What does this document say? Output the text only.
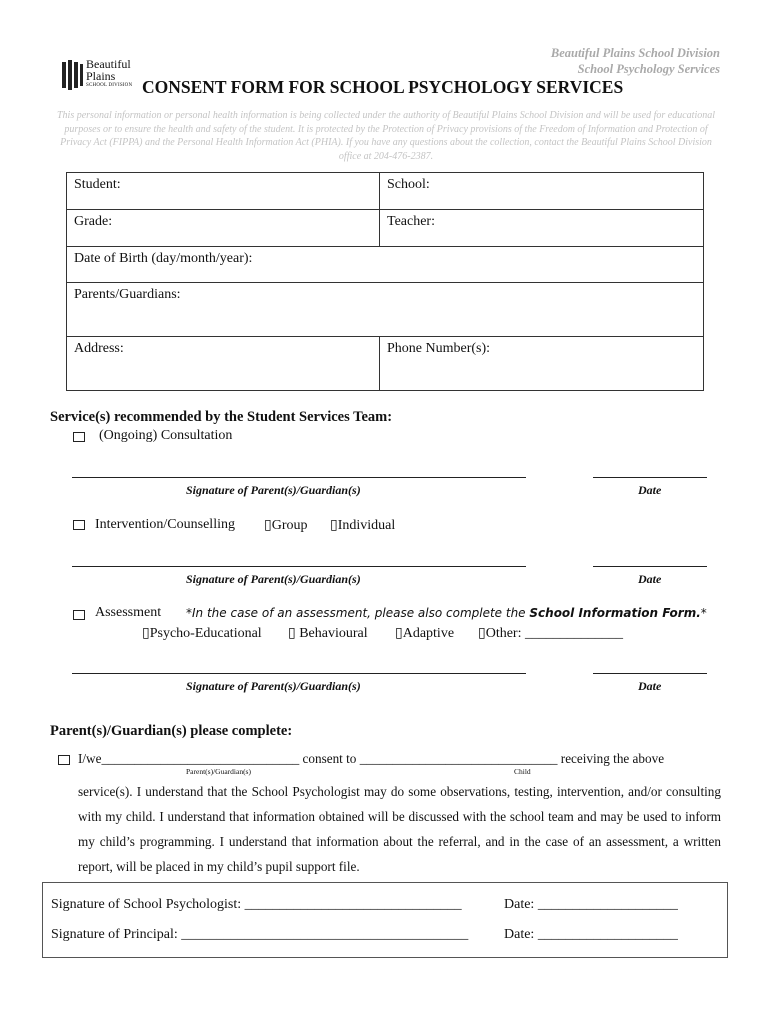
Beautiful Plains School Division
School Psychology Services
Beautiful
Plains
SCHOOL DIVISION CONSENT FORM FOR SCHOOL PSYCHOLOGY SERVICES
This personal information or personal health information is being collected under the authority of Beautiful Plains School Division and will be used for educational purposes or to ensure the health and safety of the student. It is protected by the Protection of Privacy provisions of the Freedom of Information and Protection of Privacy Act (FIPPA) and the Personal Health Information Act (PHIA). If you have any questions about the collection, contact the Beautiful Plains School Division office at 204-476-2387.
Student:	School:
Grade:	Teacher:
Date of Birth (day/month/year):	
Parents/Guardians:	
Address:	Phone Number(s):
Service(s) recommended by the Student Services Team:
(Ongoing) Consultation
Signature of Parent(s)/Guardian(s)	Date
Intervention/Counselling ▯Group ▯Individual
Signature of Parent(s)/Guardian(s)	Date
Assessment *In the case of an assessment, please also complete the School Information Form.*
▯Psycho-Educational ▯ Behavioural ▯Adaptive ▯Other: ______________
Signature of Parent(s)/Guardian(s)	Date
Parent(s)/Guardian(s) please complete:
I/we______________________________ consent to ______________________________ receiving the above
Parent(s)/Guardian(s)	Child
service(s). I understand that the School Psychologist may do some observations, testing, intervention, and/or consulting with my child. I understand that information obtained will be discussed with the school team and may be used to inform my child’s programming. I understand that information about the referral, and in the case of an assessment, a written report, will be placed in my child’s pupil support file.
Signature of School Psychologist: _______________________________	Date: ____________________
Signature of Principal: _________________________________________	Date: ____________________
